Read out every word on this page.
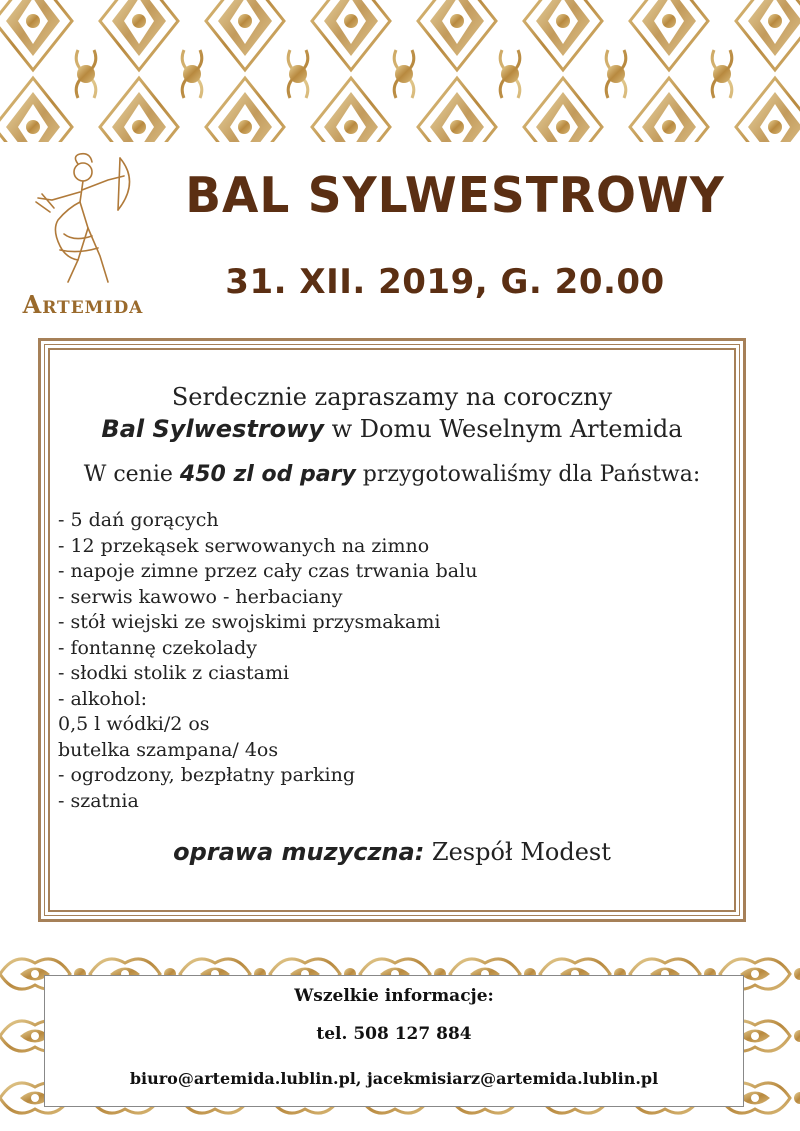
Artemida
BAL SYLWESTROWY
31. XII. 2019, G. 20.00
Serdecznie zapraszamy na coroczny
Bal Sylwestrowy w Domu Weselnym Artemida
W cenie 450 zl od pary przygotowaliśmy dla Państwa:
- 5 dań gorących
- 12 przekąsek serwowanych na zimno
- napoje zimne przez cały czas trwania balu
- serwis kawowo - herbaciany
- stół wiejski ze swojskimi przysmakami
- fontannę czekolady
- słodki stolik z ciastami
- alkohol:
0,5 l wódki/2 os
butelka szampana/ 4os
- ogrodzony, bezpłatny parking
- szatnia
oprawa muzyczna: Zespół Modest
Wszelkie informacje:
tel. 508 127 884
biuro@artemida.lublin.pl, jacekmisiarz@artemida.lublin.pl
